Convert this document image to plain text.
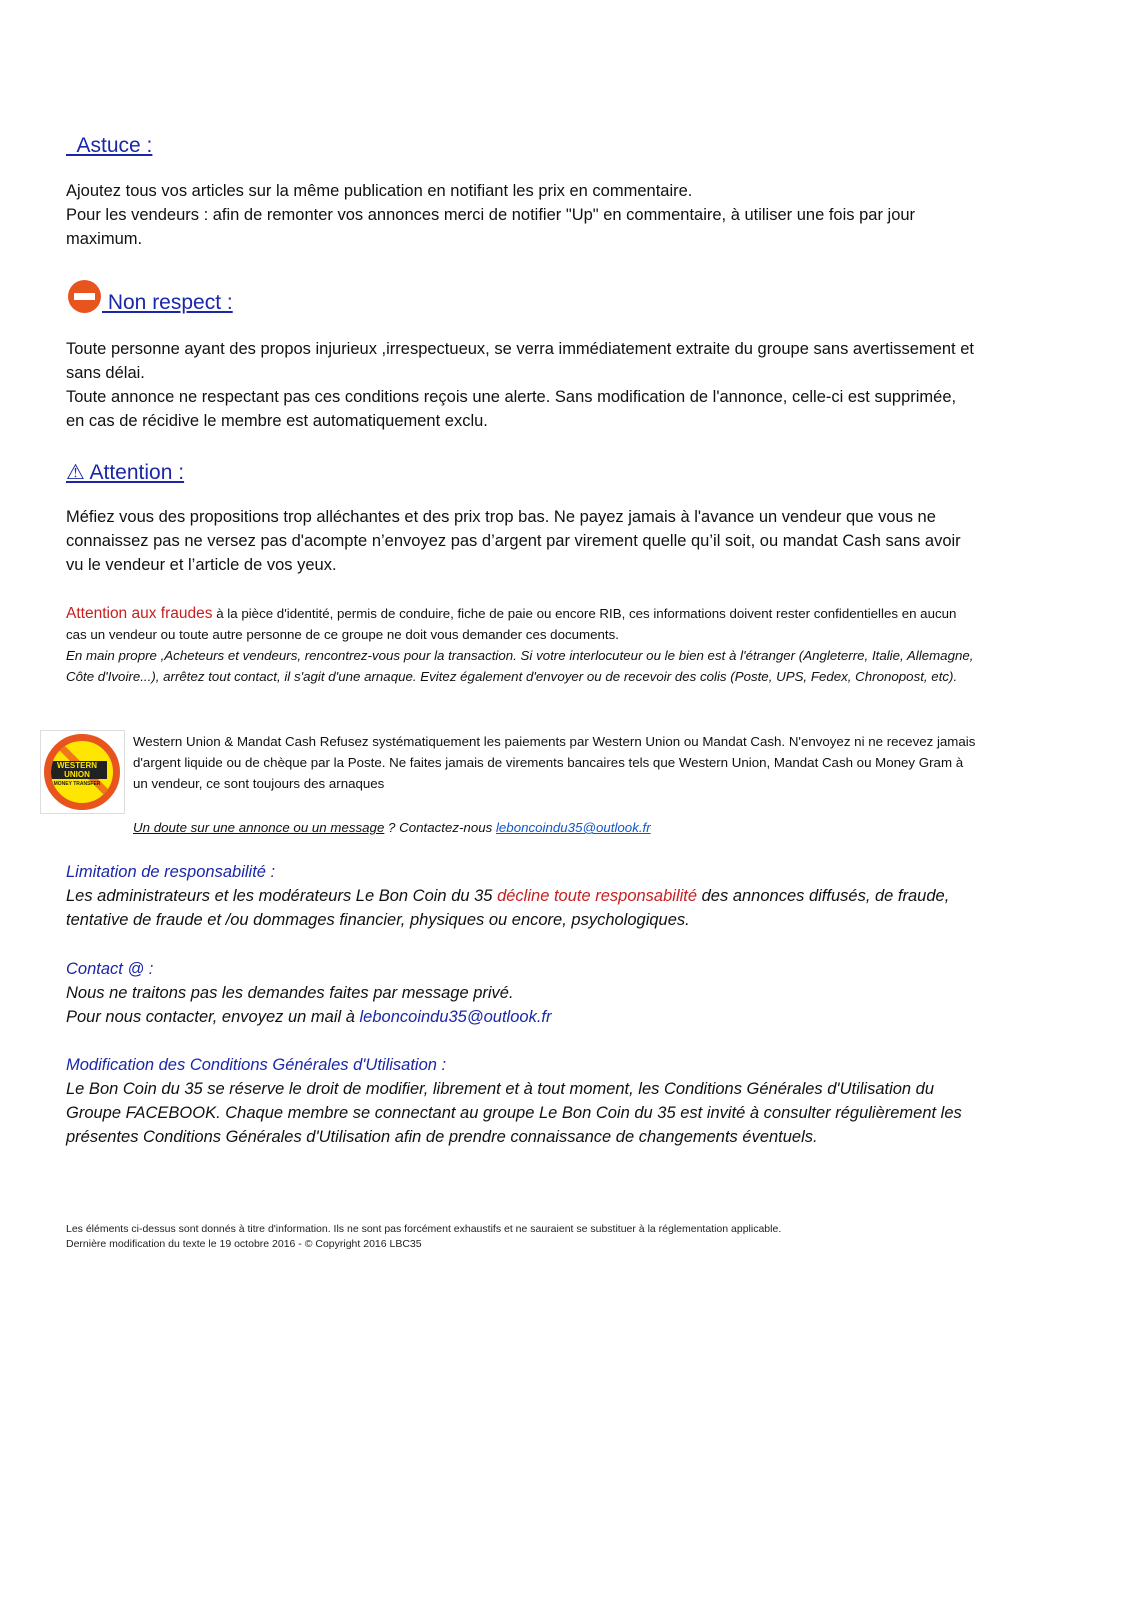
Astuce :

Ajoutez tous vos articles sur la même publication en notifiant les prix en commentaire.

Pour les vendeurs : afin de remonter vos annonces merci de notifier "Up" en commentaire, à utiliser une fois par jour maximum.

Non respect :

Toute personne ayant des propos injurieux ,irrespectueux, se verra immédiatement extraite du groupe sans avertissement et sans délai.

Toute annonce ne respectant pas ces conditions reçois une alerte. Sans modification de l'annonce, celle-ci est supprimée, en cas de récidive le membre est automatiquement exclu.

⚠ Attention :
Méfiez vous des propositions trop alléchantes et des prix trop bas. Ne payez jamais à l'avance un vendeur que vous ne connaissez pas ne versez pas d'acompte n’envoyez pas d’argent par virement quelle qu’il soit, ou mandat Cash sans avoir vu le vendeur et l’article de vos yeux.

Attention aux fraudes à la pièce d'identité, permis de conduire, fiche de paie ou encore RIB, ces informations doivent rester confidentielles en aucun cas un vendeur ou toute autre personne de ce groupe ne doit vous demander ces documents.

En main propre ,Acheteurs et vendeurs, rencontrez-vous pour la transaction. Si votre interlocuteur ou le bien est à l'étranger (Angleterre, Italie, Allemagne, Côte d'Ivoire...), arrêtez tout contact, il s'agit d'une arnaque. Evitez également d'envoyer ou de recevoir des colis (Poste, UPS, Fedex, Chronopost, etc).

WESTERN
UNION
MONEY TRANSFER
Western Union & Mandat Cash Refusez systématiquement les paiements par Western Union ou Mandat Cash. N'envoyez ni ne recevez jamais d'argent liquide ou de chèque par la Poste. Ne faites jamais de virements bancaires tels que Western Union, Mandat Cash ou Money Gram à un vendeur, ce sont toujours des arnaques
Un doute sur une annonce ou un message ? Contactez-nous leboncoindu35@outlook.fr

Limitation de responsabilité :

Les administrateurs et les modérateurs Le Bon Coin du 35 décline toute responsabilité des annonces diffusés, de fraude, tentative de fraude et /ou dommages financier, physiques ou encore, psychologiques.

Contact @ :

Nous ne traitons pas les demandes faites par message privé.

Pour nous contacter, envoyez un mail à leboncoindu35@outlook.fr

Modification des Conditions Générales d'Utilisation :

Le Bon Coin du 35 se réserve le droit de modifier, librement et à tout moment, les Conditions Générales d'Utilisation du Groupe FACEBOOK. Chaque membre se connectant au groupe Le Bon Coin du 35 est invité à consulter régulièrement les présentes Conditions Générales d'Utilisation afin de prendre connaissance de changements éventuels.

Les éléments ci-dessus sont donnés à titre d'information. Ils ne sont pas forcément exhaustifs et ne sauraient se substituer à la réglementation applicable.

Dernière modification du texte le 19 octobre 2016 - © Copyright 2016 LBC35
